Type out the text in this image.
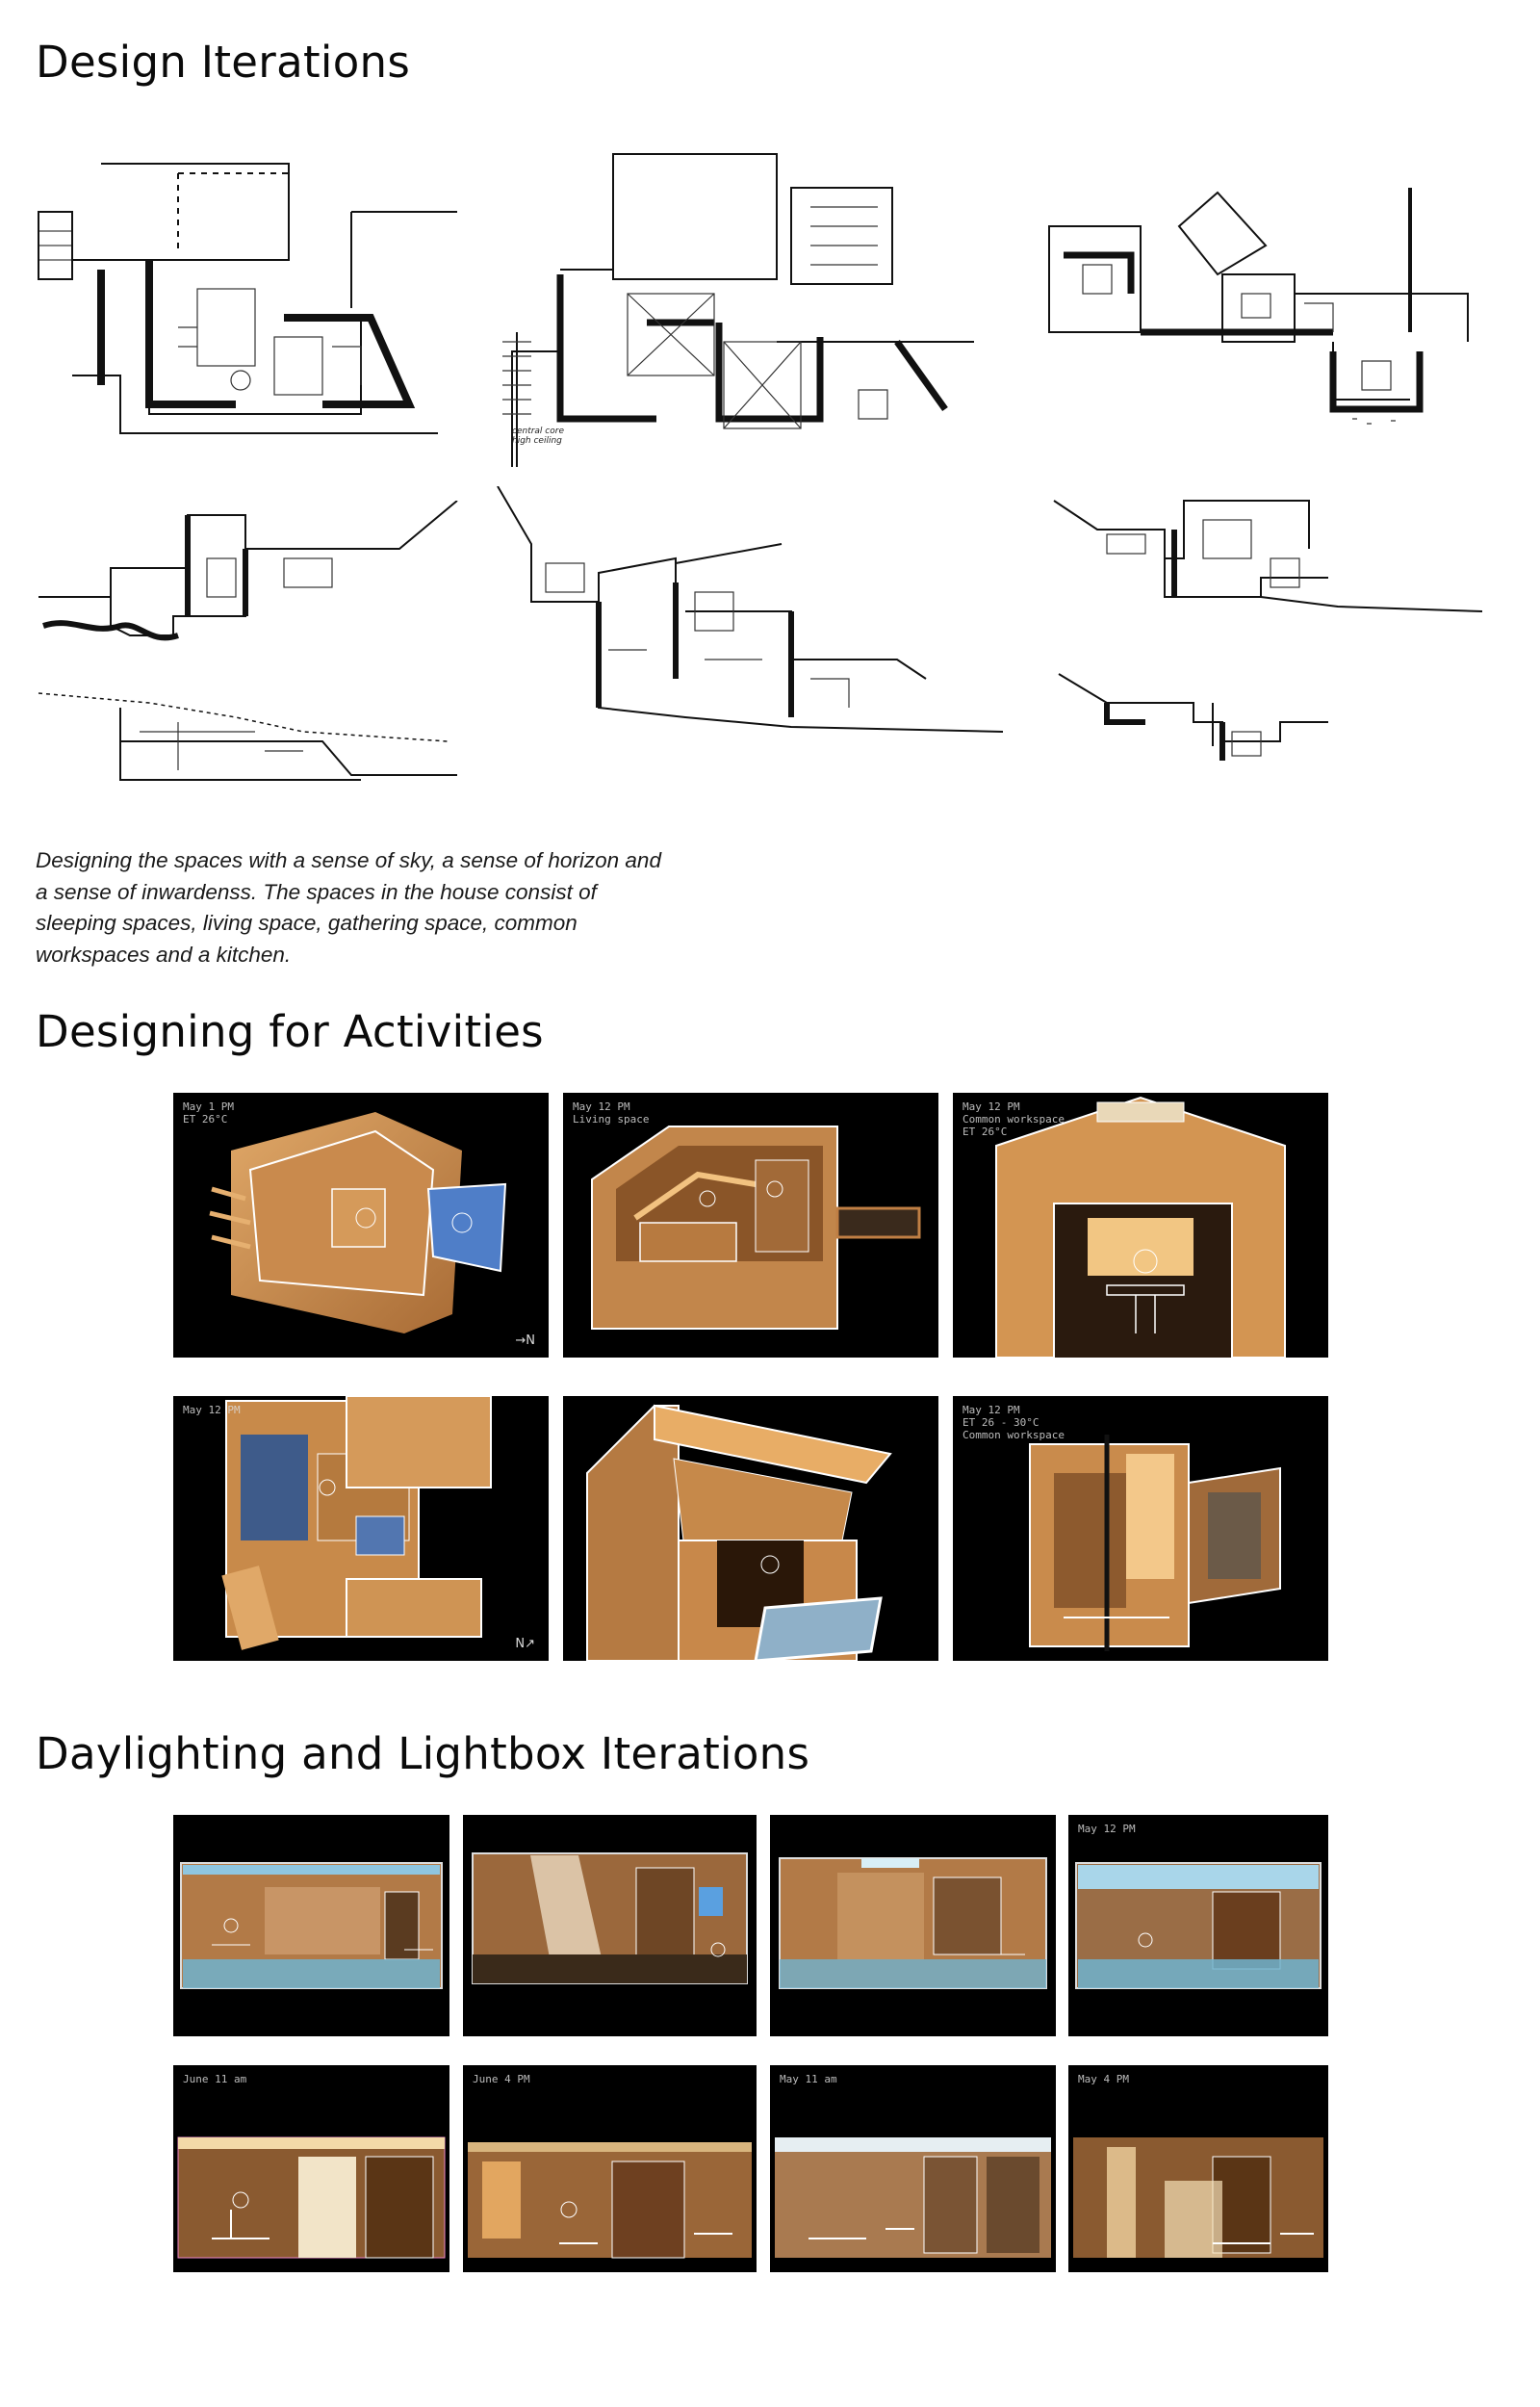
Design Iterations
central core
high ceiling

Designing the spaces with a sense of sky, a sense of horizon and a sense of inwardenss. The spaces in the house consist of sleeping spaces, living space, gathering space, common workspaces and a kitchen.

Designing for Activities
May 1 PM
ET 26°C
→N
May 12 PM
Living space
May 12 PM
Common workspace
ET 26°C
May 12 PM
N↗
May 12 PM
ET 26 - 30°C
Common workspace
Daylighting and Lightbox Iterations
May 12 PM
June 11 am	June 4 PM	May 11 am	May 4 PM
